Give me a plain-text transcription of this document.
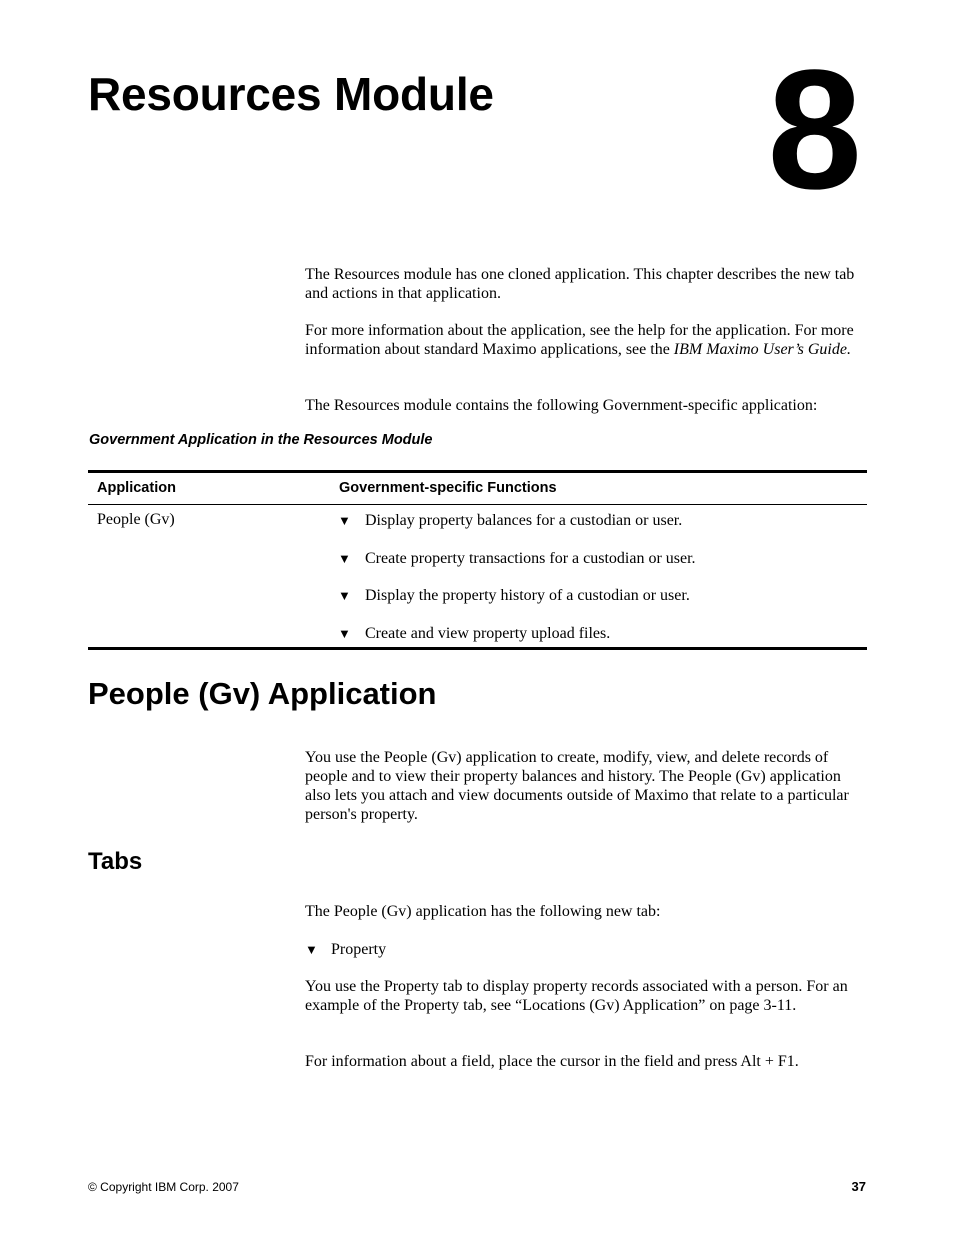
Resources Module 8

The Resources module has one cloned application. This chapter describes the new tab and actions in that application.

For more information about the application, see the help for the application. For more information about standard Maximo applications, see the IBM Maximo User’s Guide.

The Resources module contains the following Government-specific application:

Government Application in the Resources Module

Application	Government-specific Functions
People (Gv)	▼ Display property balances for a custodian or user.
▼ Create property transactions for a custodian or user.
▼ Display the property history of a custodian or user.
▼ Create and view property upload files.
People (Gv) Application

You use the People (Gv) application to create, modify, view, and delete records of people and to view their property balances and history. The People (Gv) application also lets you attach and view documents outside of Maximo that relate to a particular person's property.

Tabs

The People (Gv) application has the following new tab:

▼ Property

You use the Property tab to display property records associated with a person. For an example of the Property tab, see “Locations (Gv) Application” on page 3-11.

For information about a field, place the cursor in the field and press Alt + F1.

© Copyright IBM Corp. 2007	37
